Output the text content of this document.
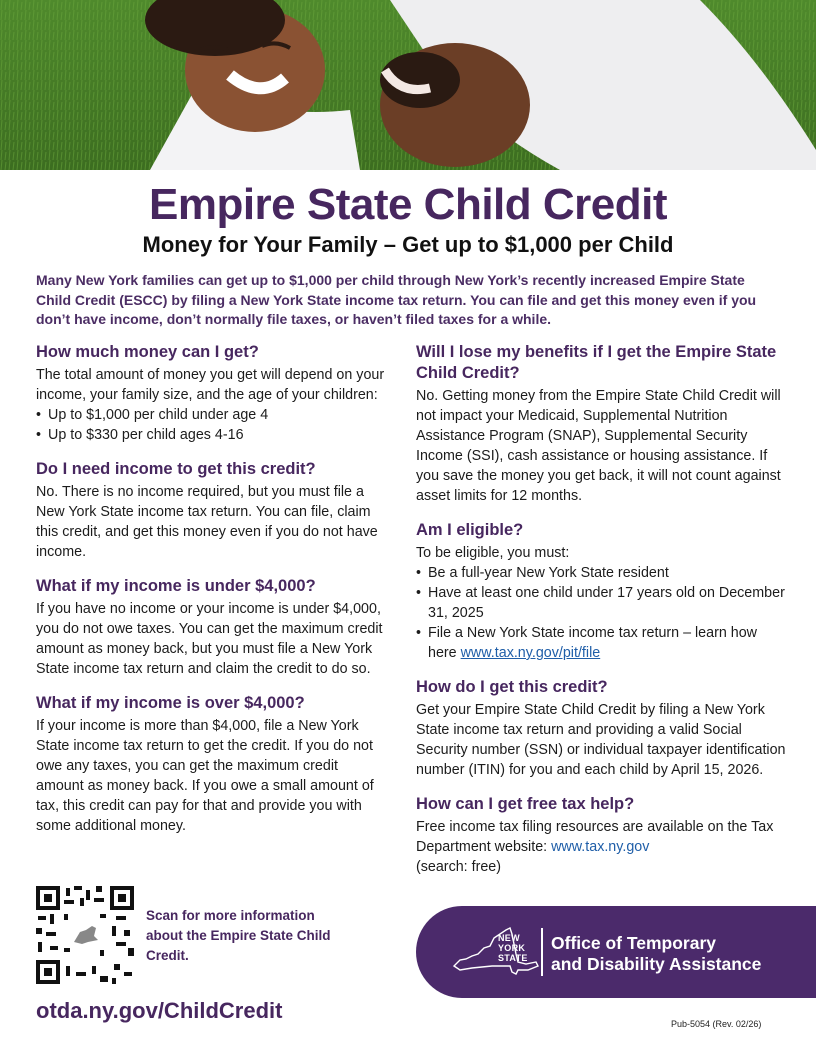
Empire State Child Credit
Money for Your Family – Get up to $1,000 per Child
Many New York families can get up to $1,000 per child through New York’s recently increased Empire State Child Credit (ESCC) by filing a New York State income tax return. You can file and get this money even if you don’t have income, don’t normally file taxes, or haven’t filed taxes for a while.
How much money can I get?

The total amount of money you get will depend on your income, your family size, and the age of your children:

• Up to $1,000 per child under age 4
• Up to $330 per child ages 4-16
Do I need income to get this credit?

No. There is no income required, but you must file a New York State income tax return. You can file, claim this credit, and get this money even if you do not have income.

What if my income is under $4,000?

If you have no income or your income is under $4,000, you do not owe taxes. You can get the maximum credit amount as money back, but you must file a New York State income tax return and claim the credit to do so.

What if my income is over $4,000?

If your income is more than $4,000, file a New York State income tax return to get the credit. If you do not owe any taxes, you can get the maximum credit amount as money back. If you owe a small amount of tax, this credit can pay for that and provide you with some additional money.

Will I lose my benefits if I get the Empire State Child Credit?

No. Getting money from the Empire State Child Credit will not impact your Medicaid, Supplemental Nutrition Assistance Program (SNAP), Supplemental Security Income (SSI), cash assistance or housing assistance. If you save the money you get back, it will not count against asset limits for 12 months.

Am I eligible?

To be eligible, you must:

• Be a full-year New York State resident
• Have at least one child under 17 years old on December 31, 2025
• File a New York State income tax return – learn how here www.tax.ny.gov/pit/file
How do I get this credit?

Get your Empire State Child Credit by filing a New York State income tax return and providing a valid Social Security number (SSN) or individual taxpayer identification number (ITIN) for you and each child by April 15, 2026.

How can I get free tax help?

Free income tax filing resources are available on the Tax Department website: www.tax.ny.gov
(search: free)

Scan for more information about the Empire State Child Credit.
otda.ny.gov/ChildCredit
NEW
YORK
STATE
Office of Temporary
and Disability Assistance
Pub-5054 (Rev. 02/26)
